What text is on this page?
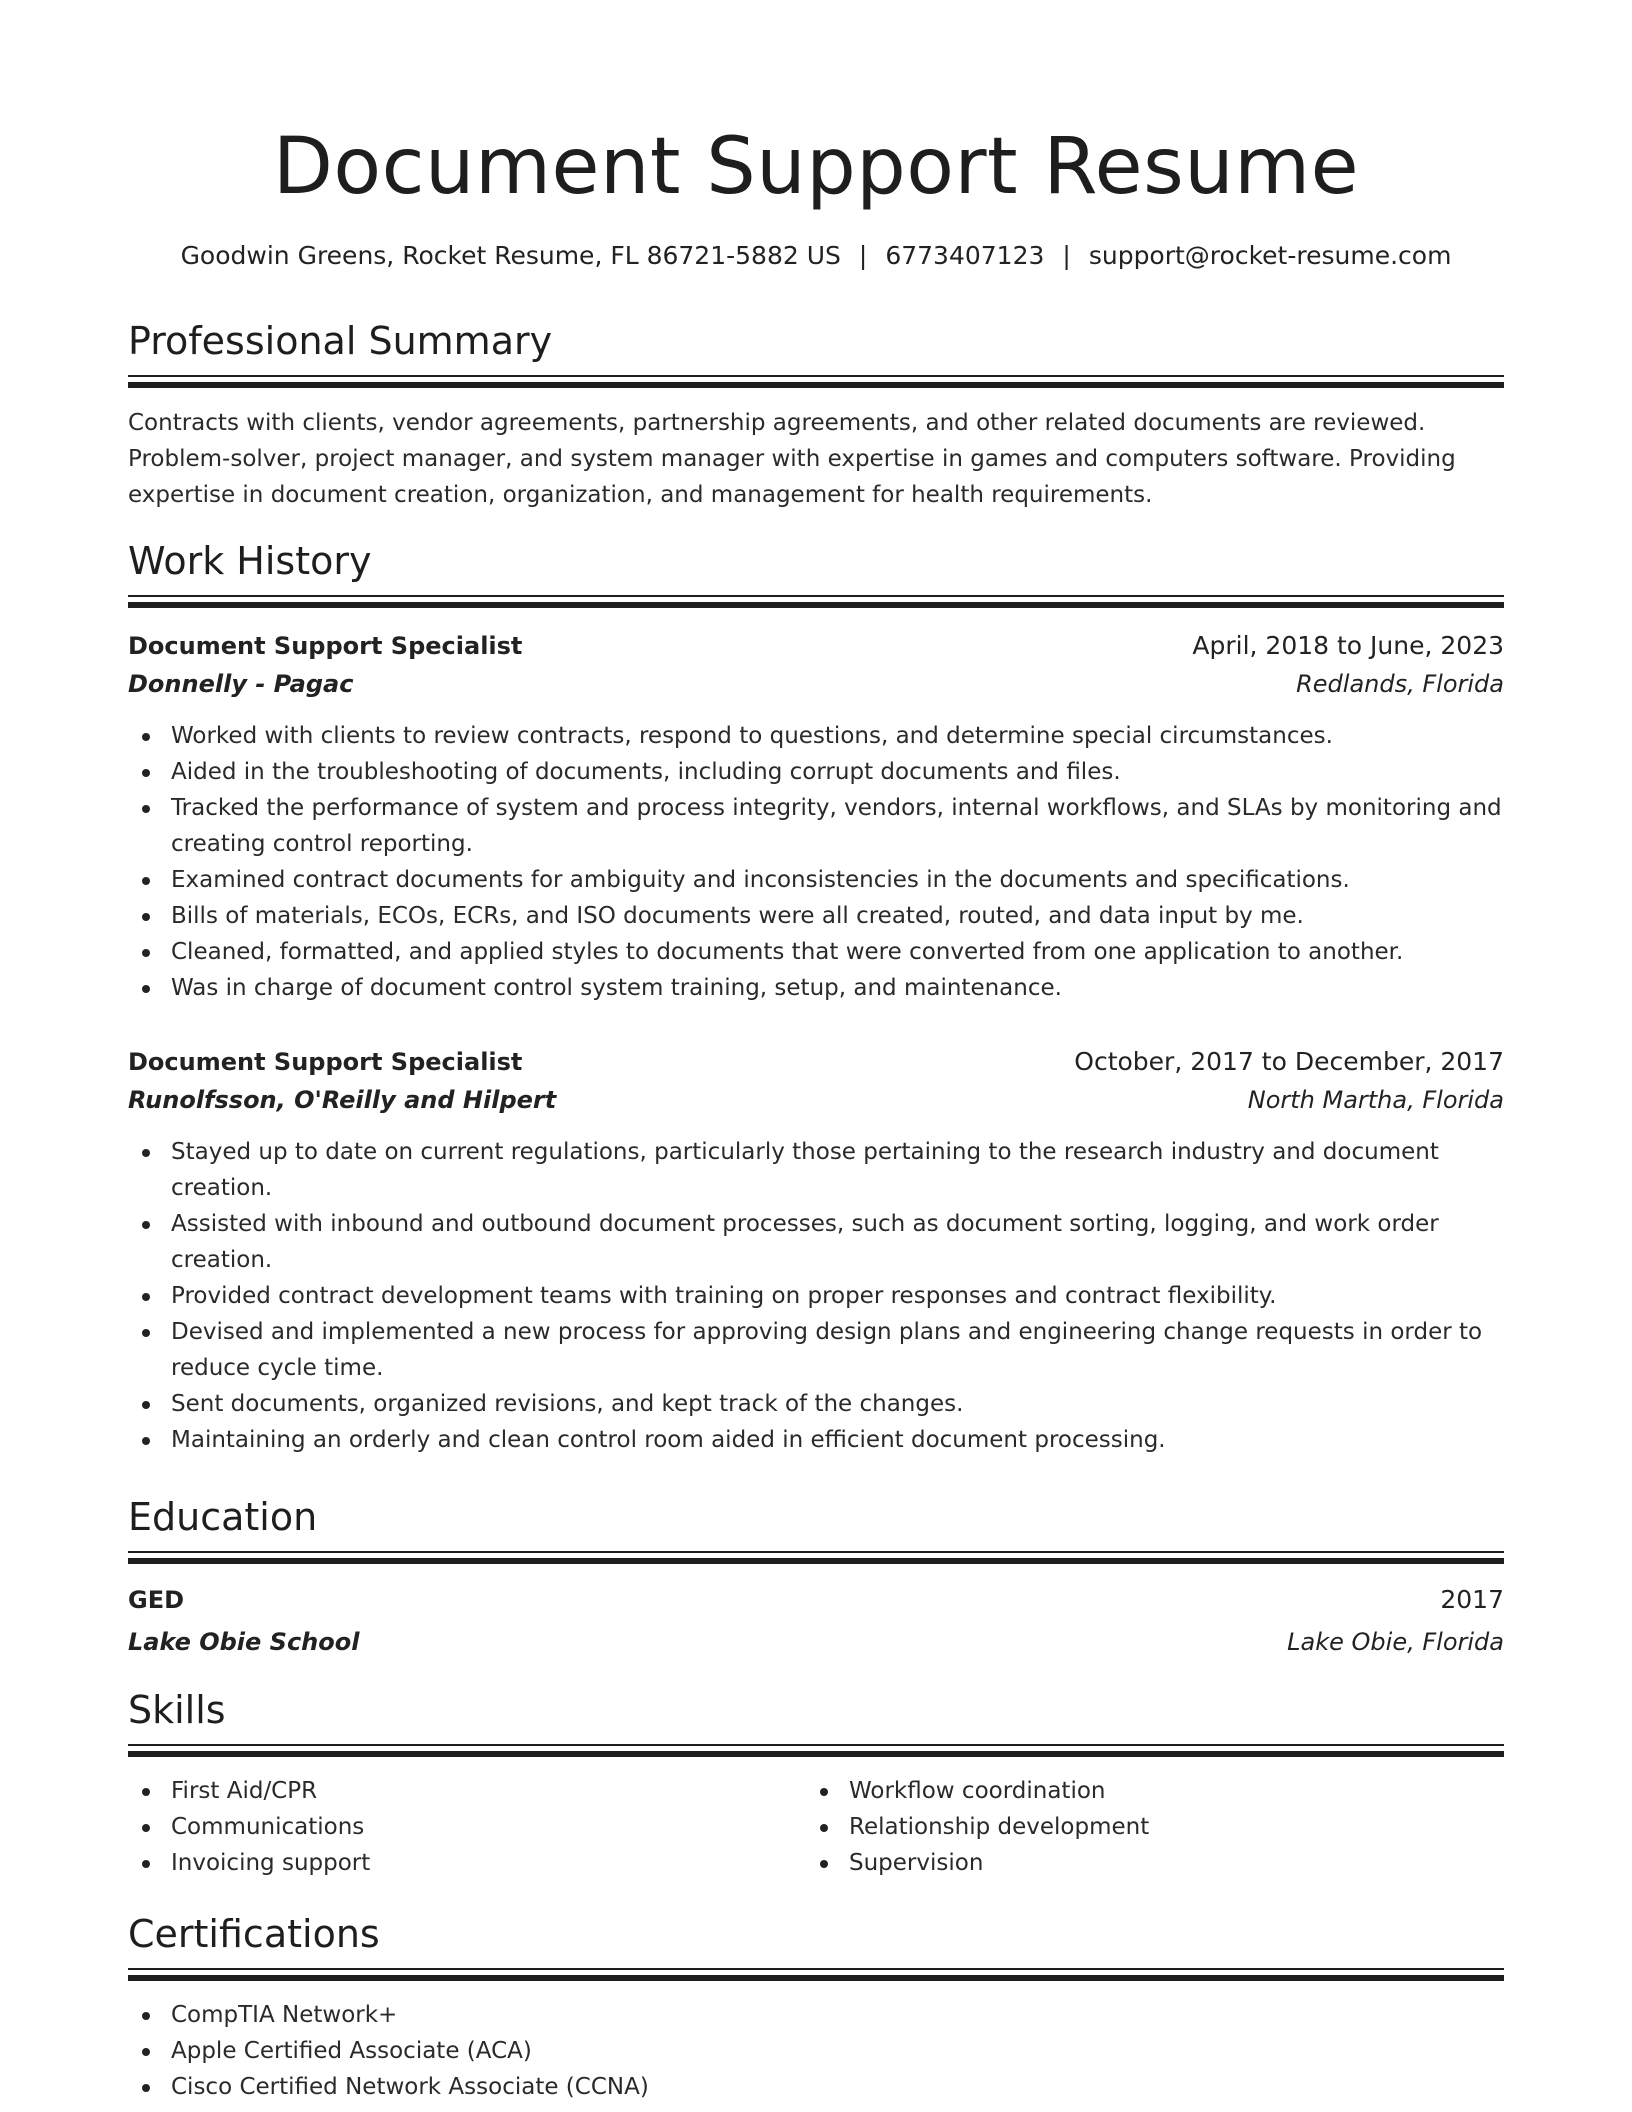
Document Support Resume
Goodwin Greens, Rocket Resume, FL 86721-5882 US | 6773407123 | support@rocket-resume.com
Professional Summary
Contracts with clients, vendor agreements, partnership agreements, and other related documents are reviewed. Problem-solver, project manager, and system manager with expertise in games and computers software. Providing expertise in document creation, organization, and management for health requirements.
Work History
Document Support Specialist	April, 2018 to June, 2023
Donnelly - Pagac	Redlands, Florida
Worked with clients to review contracts, respond to questions, and determine special circumstances.
Aided in the troubleshooting of documents, including corrupt documents and files.
Tracked the performance of system and process integrity, vendors, internal workflows, and SLAs by monitoring and creating control reporting.
Examined contract documents for ambiguity and inconsistencies in the documents and specifications.
Bills of materials, ECOs, ECRs, and ISO documents were all created, routed, and data input by me.
Cleaned, formatted, and applied styles to documents that were converted from one application to another.
Was in charge of document control system training, setup, and maintenance.
Document Support Specialist	October, 2017 to December, 2017
Runolfsson, O'Reilly and Hilpert	North Martha, Florida
Stayed up to date on current regulations, particularly those pertaining to the research industry and document creation.
Assisted with inbound and outbound document processes, such as document sorting, logging, and work order creation.
Provided contract development teams with training on proper responses and contract flexibility.
Devised and implemented a new process for approving design plans and engineering change requests in order to reduce cycle time.
Sent documents, organized revisions, and kept track of the changes.
Maintaining an orderly and clean control room aided in efficient document processing.
Education
GED	2017
Lake Obie School	Lake Obie, Florida
Skills
First Aid/CPR
Communications
Invoicing support
Workflow coordination
Relationship development
Supervision
Certifications
CompTIA Network+
Apple Certified Associate (ACA)
Cisco Certified Network Associate (CCNA)
